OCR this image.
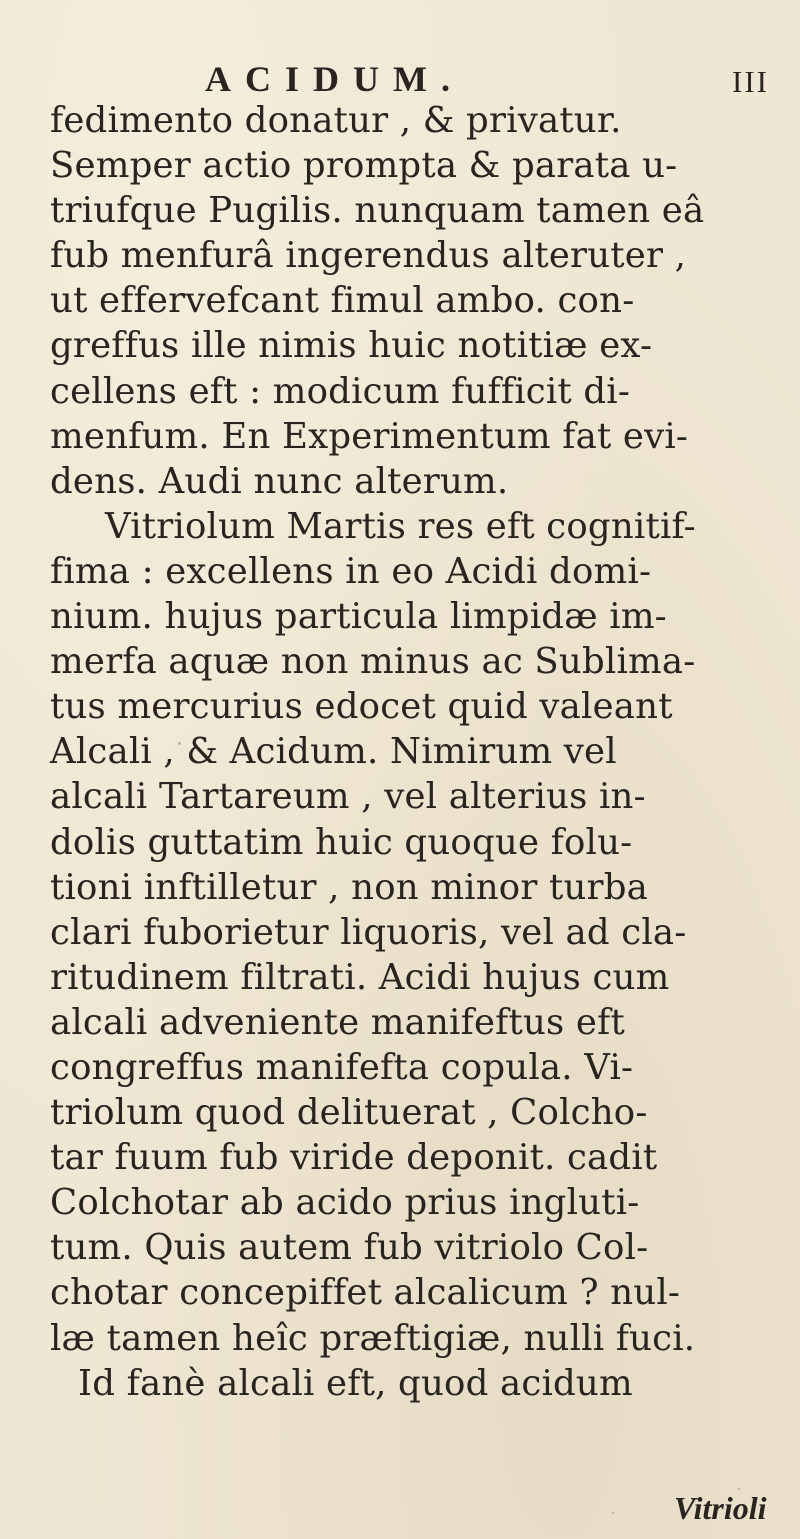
ACIDUM.	III
fedimento donatur , & privatur.
Semper actio prompta & parata u-
triufque Pugilis. nunquam tamen eâ
fub menfurâ ingerendus alteruter ,
ut effervefcant fimul ambo. con-
greffus ille nimis huic notitiæ ex-
cellens eft : modicum fufficit di-
menfum. En Experimentum fat evi-
dens. Audi nunc alterum.
Vitriolum Martis res eft cognitif-
fima : excellens in eo Acidi domi-
nium. hujus particula limpidæ im-
merfa aquæ non minus ac Sublima-
tus mercurius edocet quid valeant
Alcali , & Acidum. Nimirum vel
alcali Tartareum , vel alterius in-
dolis guttatim huic quoque folu-
tioni inftilletur , non minor turba
clari fuborietur liquoris, vel ad cla-
ritudinem filtrati. Acidi hujus cum
alcali adveniente manifeftus eft
congreffus manifefta copula. Vi-
triolum quod delituerat , Colcho-
tar fuum fub viride deponit. cadit
Colchotar ab acido prius ingluti-
tum. Quis autem fub vitriolo Col-
chotar concepiffet alcalicum ? nul-
læ tamen heîc præftigiæ, nulli fuci.
Id fanè alcali eft, quod acidum
Vitrioli
